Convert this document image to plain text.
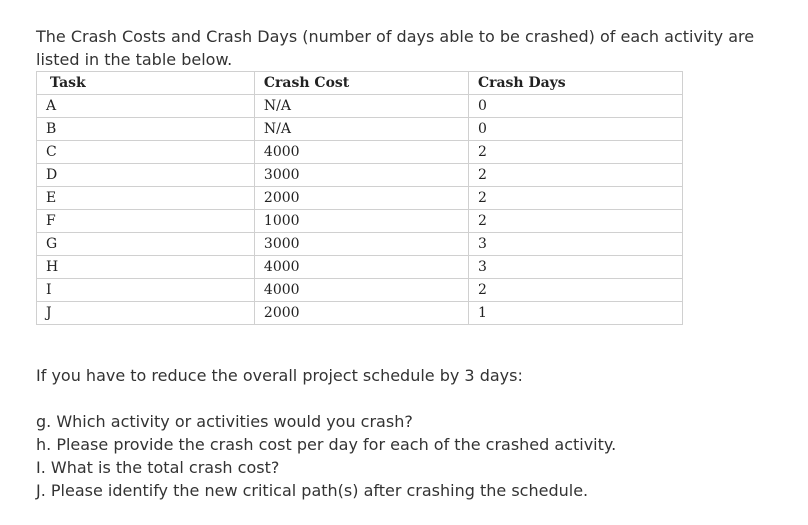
The Crash Costs and Crash Days (number of days able to be crashed) of each activity are listed in the table below.

Task	Crash Cost	Crash Days
A	N/A	0
B	N/A	0
C	4000	2
D	3000	2
E	2000	2
F	1000	2
G	3000	3
H	4000	3
I	4000	2
J	2000	1

If you have to reduce the overall project schedule by 3 days:

g. Which activity or activities would you crash?

h. Please provide the crash cost per day for each of the crashed activity.

I. What is the total crash cost?

J. Please identify the new critical path(s) after crashing the schedule.
